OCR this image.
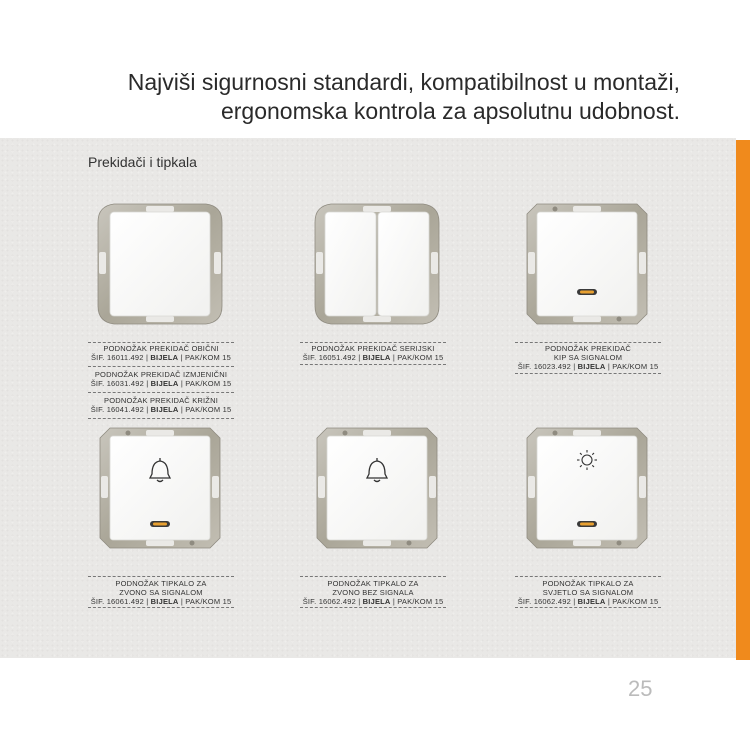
Najviši sigurnosni standardi, kompatibilnost u montaži,
ergonomska kontrola za apsolutnu udobnost.
Prekidači i tipkala
PODNOŽAK PREKIDAČ OBIČNI
ŠIF. 16011.492 | BIJELA | PAK/KOM 15
PODNOŽAK PREKIDAČ IZMJENIČNI
ŠIF. 16031.492 | BIJELA | PAK/KOM 15
PODNOŽAK PREKIDAČ KRIŽNI
ŠIF. 16041.492 | BIJELA | PAK/KOM 15
PODNOŽAK PREKIDAČ SERIJSKI
ŠIF. 16051.492 | BIJELA | PAK/KOM 15
PODNOŽAK PREKIDAČ
KIP SA SIGNALOM
ŠIF. 16023.492 | BIJELA | PAK/KOM 15
PODNOŽAK TIPKALO ZA
ZVONO SA SIGNALOM
ŠIF. 16061.492 | BIJELA | PAK/KOM 15
PODNOŽAK TIPKALO ZA
ZVONO BEZ SIGNALA
ŠIF. 16062.492 | BIJELA | PAK/KOM 15
PODNOŽAK TIPKALO ZA
SVJETLO SA SIGNALOM
ŠIF. 16062.492 | BIJELA | PAK/KOM 15
25
